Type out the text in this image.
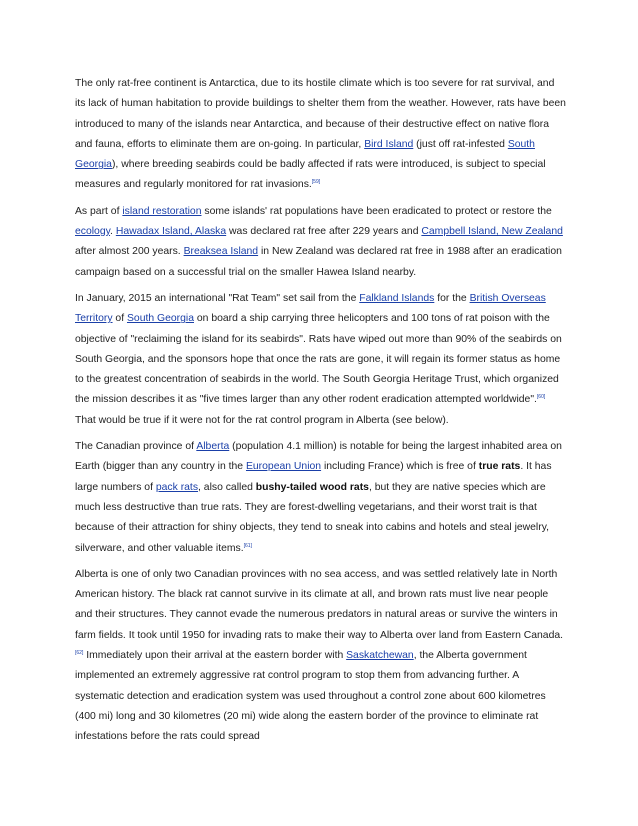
The only rat-free continent is Antarctica, due to its hostile climate which is too severe for rat survival, and its lack of human habitation to provide buildings to shelter them from the weather. However, rats have been introduced to many of the islands near Antarctica, and because of their destructive effect on native flora and fauna, efforts to eliminate them are on-going. In particular, Bird Island (just off rat-infested South Georgia), where breeding seabirds could be badly affected if rats were introduced, is subject to special measures and regularly monitored for rat invasions.[59]

As part of island restoration some islands' rat populations have been eradicated to protect or restore the ecology. Hawadax Island, Alaska was declared rat free after 229 years and Campbell Island, New Zealand after almost 200 years. Breaksea Island in New Zealand was declared rat free in 1988 after an eradication campaign based on a successful trial on the smaller Hawea Island nearby.

In January, 2015 an international "Rat Team" set sail from the Falkland Islands for the British Overseas Territory of South Georgia on board a ship carrying three helicopters and 100 tons of rat poison with the objective of "reclaiming the island for its seabirds". Rats have wiped out more than 90% of the seabirds on South Georgia, and the sponsors hope that once the rats are gone, it will regain its former status as home to the greatest concentration of seabirds in the world. The South Georgia Heritage Trust, which organized the mission describes it as "five times larger than any other rodent eradication attempted worldwide".[60] That would be true if it were not for the rat control program in Alberta (see below).

The Canadian province of Alberta (population 4.1 million) is notable for being the largest inhabited area on Earth (bigger than any country in the European Union including France) which is free of true rats. It has large numbers of pack rats, also called bushy-tailed wood rats, but they are native species which are much less destructive than true rats. They are forest-dwelling vegetarians, and their worst trait is that because of their attraction for shiny objects, they tend to sneak into cabins and hotels and steal jewelry, silverware, and other valuable items.[61]

Alberta is one of only two Canadian provinces with no sea access, and was settled relatively late in North American history. The black rat cannot survive in its climate at all, and brown rats must live near people and their structures. They cannot evade the numerous predators in natural areas or survive the winters in farm fields. It took until 1950 for invading rats to make their way to Alberta over land from Eastern Canada.[62] Immediately upon their arrival at the eastern border with Saskatchewan, the Alberta government implemented an extremely aggressive rat control program to stop them from advancing further. A systematic detection and eradication system was used throughout a control zone about 600 kilometres (400 mi) long and 30 kilometres (20 mi) wide along the eastern border of the province to eliminate rat infestations before the rats could spread
